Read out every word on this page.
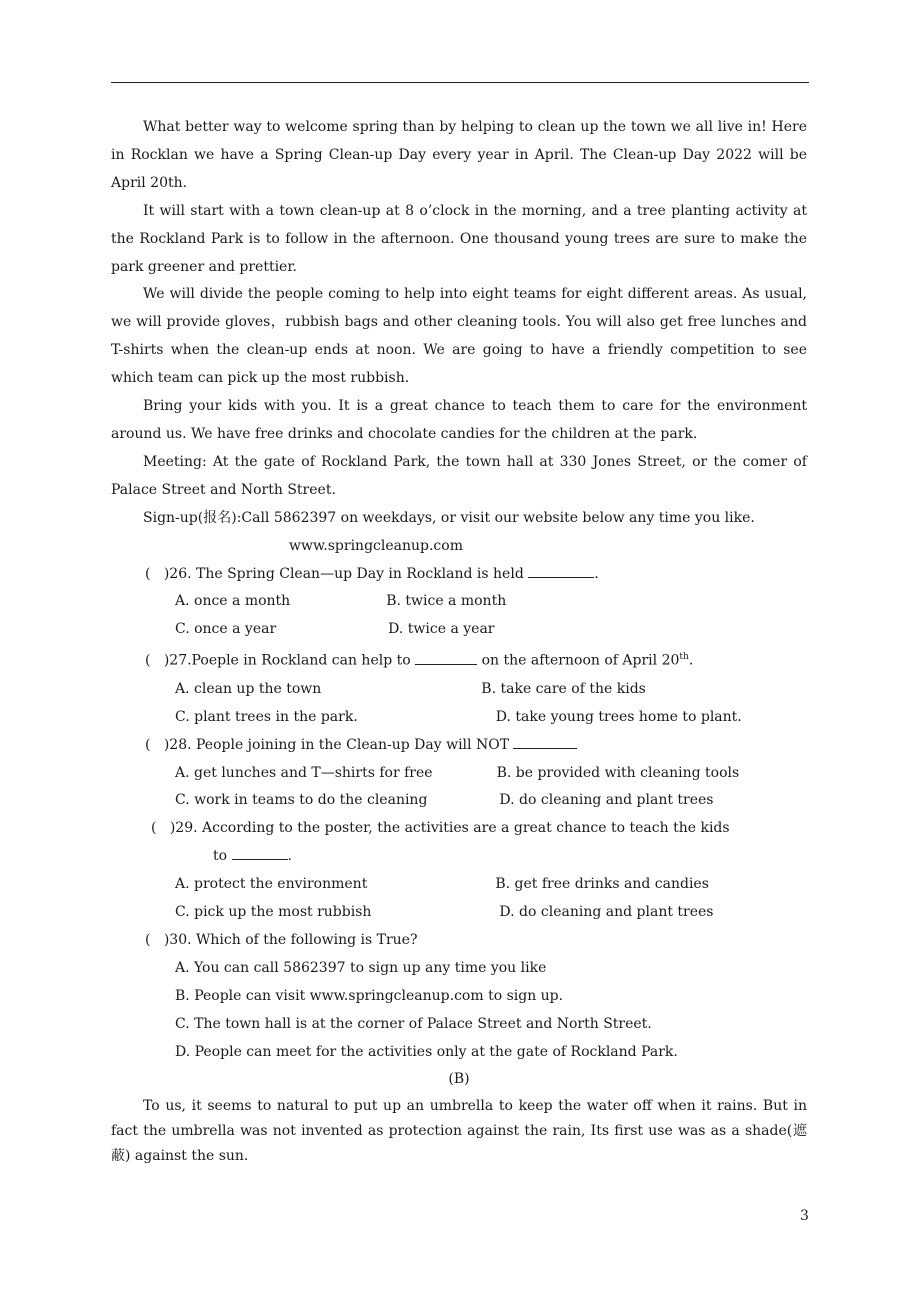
What better way to welcome spring than by helping to clean up the town we all live in! Here in Rocklan we have a Spring Clean-up Day every year in April. The Clean-up Day 2022 will be April 20th.

It will start with a town clean-up at 8 o’clock in the morning, and a tree planting activity at the Rockland Park is to follow in the afternoon. One thousand young trees are sure to make the park greener and prettier.

We will divide the people coming to help into eight teams for eight different areas. As usual, we will provide gloves，rubbish bags and other cleaning tools. You will also get free lunches and T-shirts when the clean-up ends at noon. We are going to have a friendly competition to see which team can pick up the most rubbish.

Bring your kids with you. It is a great chance to teach them to care for the environment around us. We have free drinks and chocolate candies for the children at the park.

Meeting: At the gate of Rockland Park, the town hall at 330 Jones Street, or the comer of Palace Street and North Street.

Sign-up(报名):Call 5862397 on weekdays, or visit our website below any time you like.

www.springcleanup.com
(   )26. The Spring Clean—up Day in Rockland is held	.
A. once a month	B. twice a month
C. once a year	D. twice a year
(   )27.Poeple in Rockland can help to	on the afternoon of April 20th.
A. clean up the town	B. take care of the kids
C. plant trees in the park.	D. take young trees home to plant.
(   )28. People joining in the Clean-up Day will NOT
A. get lunches and T—shirts for free	B. be provided with cleaning tools
C. work in teams to do the cleaning	D. do cleaning and plant trees
(   )29. According to the poster, the activities are a great chance to teach the kids
to	.
A. protect the environment	B. get free drinks and candies
C. pick up the most rubbish	D. do cleaning and plant trees
(   )30. Which of the following is True?
A. You can call 5862397 to sign up any time you like
B. People can visit www.springcleanup.com to sign up.
C. The town hall is at the corner of Palace Street and North Street.
D. People can meet for the activities only at the gate of Rockland Park.
(B)

To us, it seems to natural to put up an umbrella to keep the water off when it rains. But in fact the umbrella was not invented as protection against the rain, Its first use was as a shade(遮蔽) against the sun.

3
